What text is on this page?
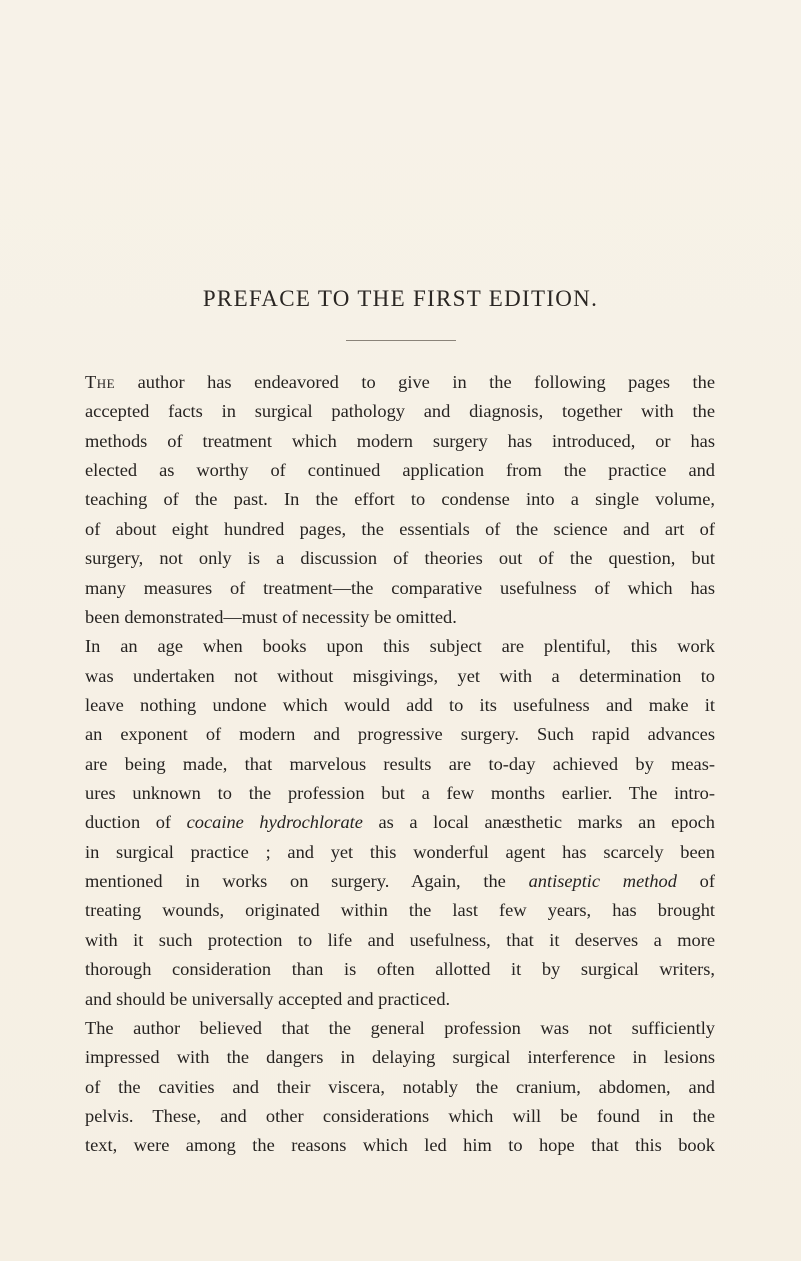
PREFACE TO THE FIRST EDITION.
The author has endeavored to give in the following pages the
accepted facts in surgical pathology and diagnosis, together with the
methods of treatment which modern surgery has introduced, or has
elected as worthy of continued application from the practice and
teaching of the past. In the effort to condense into a single volume,
of about eight hundred pages, the essentials of the science and art of
surgery, not only is a discussion of theories out of the question, but
many measures of treatment—the comparative usefulness of which has
been demonstrated—must of necessity be omitted.
In an age when books upon this subject are plentiful, this work
was undertaken not without misgivings, yet with a determination to
leave nothing undone which would add to its usefulness and make it
an exponent of modern and progressive surgery. Such rapid advances
are being made, that marvelous results are to-day achieved by meas-
ures unknown to the profession but a few months earlier. The intro-
duction of cocaine hydrochlorate as a local anæsthetic marks an epoch
in surgical practice ; and yet this wonderful agent has scarcely been
mentioned in works on surgery. Again, the antiseptic method of
treating wounds, originated within the last few years, has brought
with it such protection to life and usefulness, that it deserves a more
thorough consideration than is often allotted it by surgical writers,
and should be universally accepted and practiced.
The author believed that the general profession was not sufficiently
impressed with the dangers in delaying surgical interference in lesions
of the cavities and their viscera, notably the cranium, abdomen, and
pelvis. These, and other considerations which will be found in the
text, were among the reasons which led him to hope that this book
